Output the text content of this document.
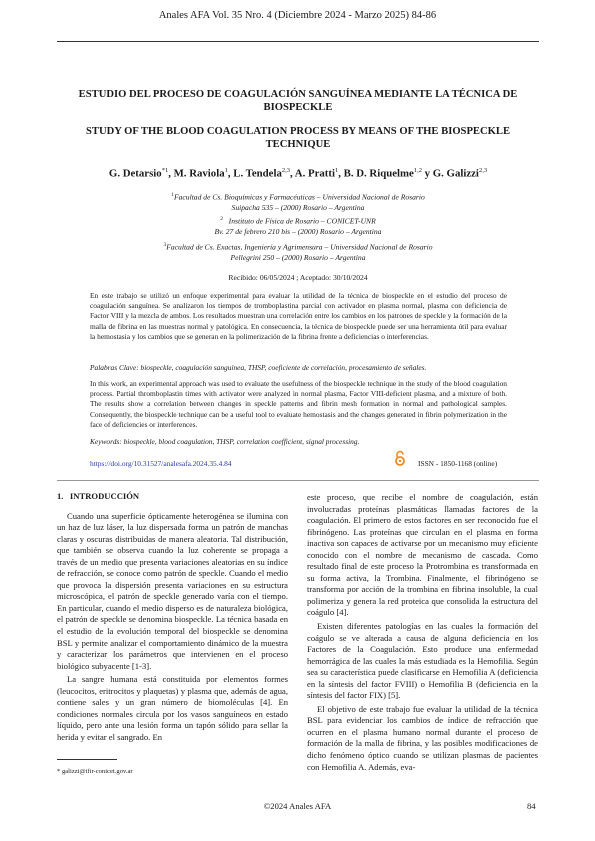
Anales AFA Vol. 35 Nro. 4 (Diciembre 2024 - Marzo 2025) 84-86
ESTUDIO DEL PROCESO DE COAGULACIÓN SANGUÍNEA MEDIANTE LA TÉCNICA DE BIOSPECKLE
STUDY OF THE BLOOD COAGULATION PROCESS BY MEANS OF THE BIOSPECKLE TECHNIQUE
G. Detarsio$^{*1}$, M. Raviola$^1$, L. Tendela$^{2,3}$, A. Pratti$^1$, B. D. Riquelme$^{1,2}$ y G. Galizzi$^{2,3}$
$^1$Facultad de Cs. Bioquímicas y Farmacéuticas – Universidad Nacional de Rosario
Suipacha 535 – (2000) Rosario – Argentina
$^2$ Instituto de Física de Rosario – CONICET-UNR
Bv. 27 de febrero 210 bis – (2000) Rosario – Argentina
$^3$Facultad de Cs. Exactas, Ingeniería y Agrimensura – Universidad Nacional de Rosario
Pellegrini 250 – (2000) Rosario – Argentina
Recibido: 06/05/2024 ; Aceptado: 30/10/2024
En este trabajo se utilizó un enfoque experimental para evaluar la utilidad de la técnica de biospeckle en el estudio del proceso de coagulación sanguínea. Se analizaron los tiempos de tromboplastina parcial con activador en plasma normal, plasma con deficiencia de Factor VIII y la mezcla de ambos. Los resultados muestran una correlación entre los cambios en los patrones de speckle y la formación de la malla de fibrina en las muestras normal y patológica. En consecuencia, la técnica de biospeckle puede ser una herramienta útil para evaluar la hemostasia y los cambios que se generan en la polimerización de la fibrina frente a deficiencias o interferencias.
Palabras Clave: biospeckle, coagulación sanguínea, THSP, coeficiente de correlación, procesamiento de señales.
In this work, an experimental approach was used to evaluate the usefulness of the biospeckle technique in the study of the blood coagulation process. Partial thromboplastin times with activator were analyzed in normal plasma, Factor VIII-deficient plasma, and a mixture of both. The results show a correlation between changes in speckle patterns and fibrin mesh formation in normal and pathological samples. Consequently, the biospeckle technique can be a useful tool to evaluate hemostasis and the changes generated in fibrin polymerization in the face of deficiencies or interferences.
Keywords: biospeckle, blood coagulation, THSP, correlation coefficient, signal processing.
https://doi.org/10.31527/analesafa.2024.35.4.84	ISSN - 1850-1168 (online)
1. INTRODUCCIÓN

Cuando una superficie ópticamente heterogénea se ilumina con un haz de luz láser, la luz dispersada forma un patrón de manchas claras y oscuras distribuidas de manera aleatoria. Tal distribución, que también se observa cuando la luz coherente se propaga a través de un medio que presenta variaciones aleatorias en su índice de refracción, se conoce como patrón de speckle. Cuando el medio que provoca la dispersión presenta variaciones en su estructura microscópica, el patrón de speckle generado varía con el tiempo. En particular, cuando el medio disperso es de naturaleza biológica, el patrón de speckle se denomina biospeckle. La técnica basada en el estudio de la evolución temporal del biospeckle se denomina BSL y permite analizar el comportamiento dinámico de la muestra y caracterizar los parámetros que intervienen en el proceso biológico subyacente [1-3].

La sangre humana está constituida por elementos formes (leucocitos, eritrocitos y plaquetas) y plasma que, además de agua, contiene sales y un gran número de biomoléculas [4]. En condiciones normales circula por los vasos sanguíneos en estado líquido, pero ante una lesión forma un tapón sólido para sellar la herida y evitar el sangrado. En

este proceso, que recibe el nombre de coagulación, están involucradas proteínas plasmáticas llamadas factores de la coagulación. El primero de estos factores en ser reconocido fue el fibrinógeno. Las proteínas que circulan en el plasma en forma inactiva son capaces de activarse por un mecanismo muy eficiente conocido con el nombre de mecanismo de cascada. Como resultado final de este proceso la Protrombina es transformada en su forma activa, la Trombina. Finalmente, el fibrinógeno se transforma por acción de la trombina en fibrina insoluble, la cual polimeriza y genera la red proteica que consolida la estructura del coágulo [4].

Existen diferentes patologías en las cuales la formación del coágulo se ve alterada a causa de alguna deficiencia en los Factores de la Coagulación. Esto produce una enfermedad hemorrágica de las cuales la más estudiada es la Hemofilia. Según sea su característica puede clasificarse en Hemofilia A (deficiencia en la síntesis del factor FVIII) o Hemofilia B (deficiencia en la síntesis del factor FIX) [5].

El objetivo de este trabajo fue evaluar la utilidad de la técnica BSL para evidenciar los cambios de índice de refracción que ocurren en el plasma humano normal durante el proceso de formación de la malla de fibrina, y las posibles modificaciones de dicho fenómeno óptico cuando se utilizan plasmas de pacientes con Hemofilia A. Además, eva-

* galizzi@ifir-conicet.gov.ar
©2024 Anales AFA	84
